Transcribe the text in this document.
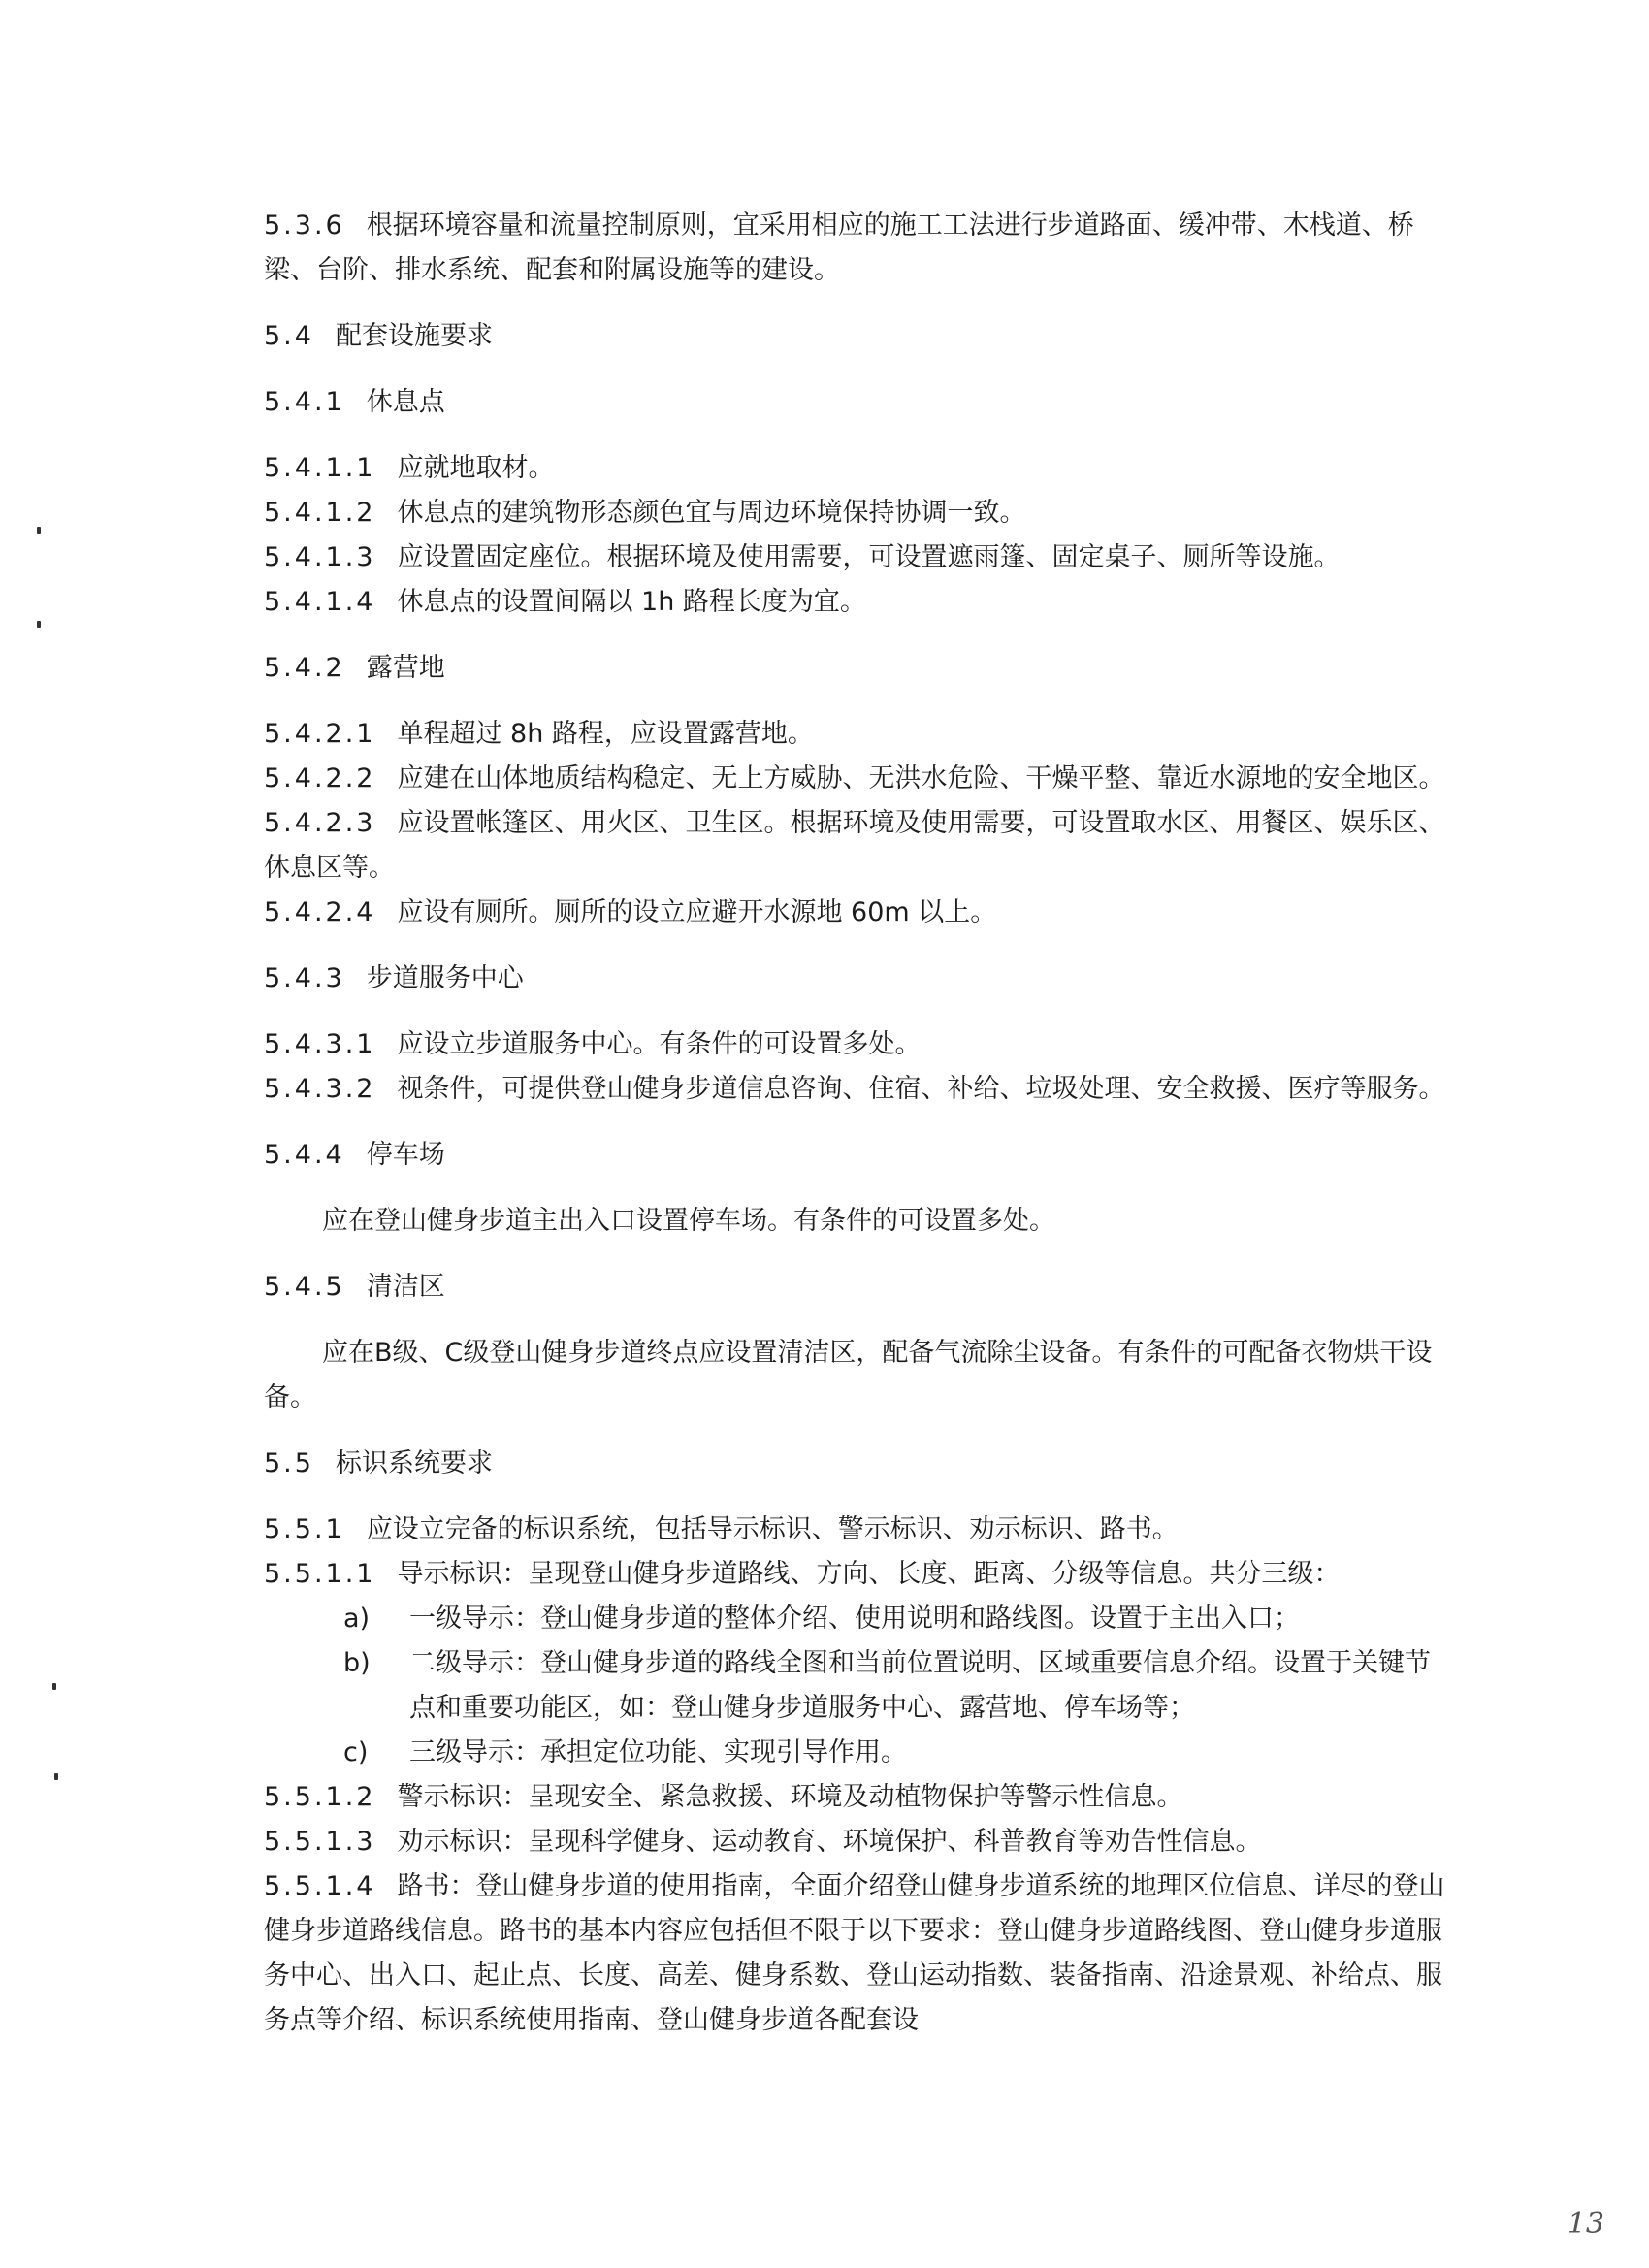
5.3.6 根据环境容量和流量控制原则，宜采用相应的施工工法进行步道路面、缓冲带、木栈道、桥梁、台阶、排水系统、配套和附属设施等的建设。

5.4 配套设施要求

5.4.1 休息点

5.4.1.1 应就地取材。

5.4.1.2 休息点的建筑物形态颜色宜与周边环境保持协调一致。

5.4.1.3 应设置固定座位。根据环境及使用需要，可设置遮雨篷、固定桌子、厕所等设施。

5.4.1.4 休息点的设置间隔以 1h 路程长度为宜。

5.4.2 露营地

5.4.2.1 单程超过 8h 路程，应设置露营地。

5.4.2.2 应建在山体地质结构稳定、无上方威胁、无洪水危险、干燥平整、靠近水源地的安全地区。

5.4.2.3 应设置帐篷区、用火区、卫生区。根据环境及使用需要，可设置取水区、用餐区、娱乐区、休息区等。

5.4.2.4 应设有厕所。厕所的设立应避开水源地 60m 以上。

5.4.3 步道服务中心

5.4.3.1 应设立步道服务中心。有条件的可设置多处。

5.4.3.2 视条件，可提供登山健身步道信息咨询、住宿、补给、垃圾处理、安全救援、医疗等服务。

5.4.4 停车场

应在登山健身步道主出入口设置停车场。有条件的可设置多处。

5.4.5 清洁区

应在B级、C级登山健身步道终点应设置清洁区，配备气流除尘设备。有条件的可配备衣物烘干设备。

5.5 标识系统要求

5.5.1 应设立完备的标识系统，包括导示标识、警示标识、劝示标识、路书。

5.5.1.1 导示标识：呈现登山健身步道路线、方向、长度、距离、分级等信息。共分三级：

a) 一级导示：登山健身步道的整体介绍、使用说明和路线图。设置于主出入口；
b) 二级导示：登山健身步道的路线全图和当前位置说明、区域重要信息介绍。设置于关键节点和重要功能区，如：登山健身步道服务中心、露营地、停车场等；
c) 三级导示：承担定位功能、实现引导作用。

5.5.1.2 警示标识：呈现安全、紧急救援、环境及动植物保护等警示性信息。

5.5.1.3 劝示标识：呈现科学健身、运动教育、环境保护、科普教育等劝告性信息。

5.5.1.4 路书：登山健身步道的使用指南，全面介绍登山健身步道系统的地理区位信息、详尽的登山健身步道路线信息。路书的基本内容应包括但不限于以下要求：登山健身步道路线图、登山健身步道服务中心、出入口、起止点、长度、高差、健身系数、登山运动指数、装备指南、沿途景观、补给点、服务点等介绍、标识系统使用指南、登山健身步道各配套设

13
